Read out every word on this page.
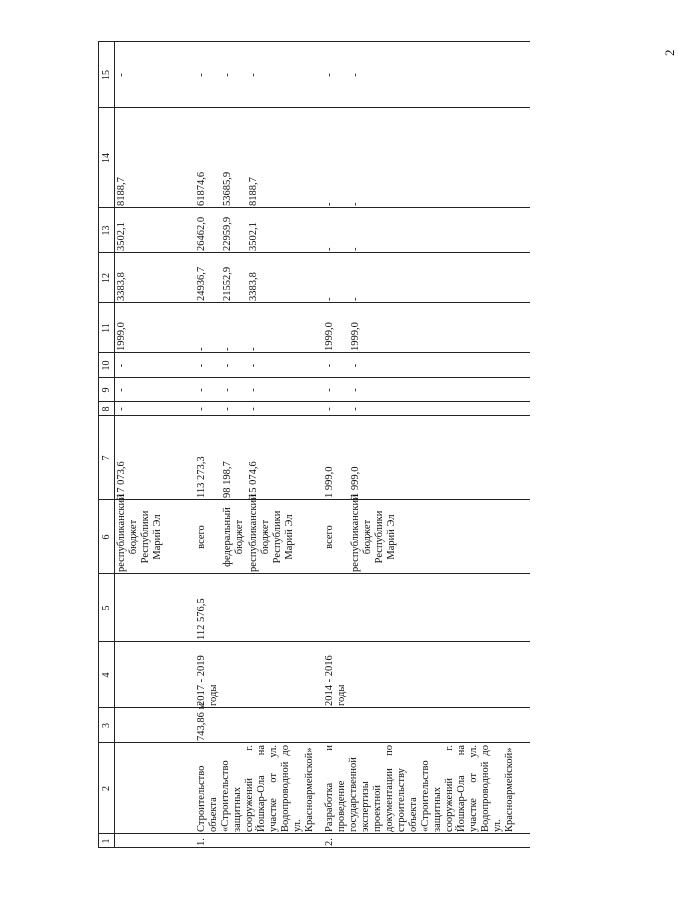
2
1
2
3
4
5
6
7
8
9
10
11
12
13
14
15
республиканский бюджет Республики Марий Эл
17 073,6
-
-
-
1999,0
3383,8
3502,1
8188,7
-
1.
Строительство объекта «Строительство защитных сооружений г. Йошкар-Ола на участке от ул. Водопроводной до ул. Красноармейской»
743,86 м
2017 - 2019 годы
112 576,5
всего
113 273,3
-
-
-
-
24936,7
26462,0
61874,6
-
федеральный бюджет
98 198,7
-
-
-
-
21552,9
22959,9
53685,9
-
республиканский бюджет Республики Марий Эл
15 074,6
-
-
-
-
3383,8
3502,1
8188,7
-
2.
Разработка и проведение государственной экспертизы проектной документации по строительству объекта «Строительство защитных сооружений г. Йошкар-Ола на участке от ул. Водопроводной до ул. Красноармейской»
2014 - 2016 годы
всего
1 999,0
-
-
-
1999,0
-
-
-
-
республиканский бюджет Республики Марий Эл
1 999,0
-
-
-
1999,0
-
-
-
-
